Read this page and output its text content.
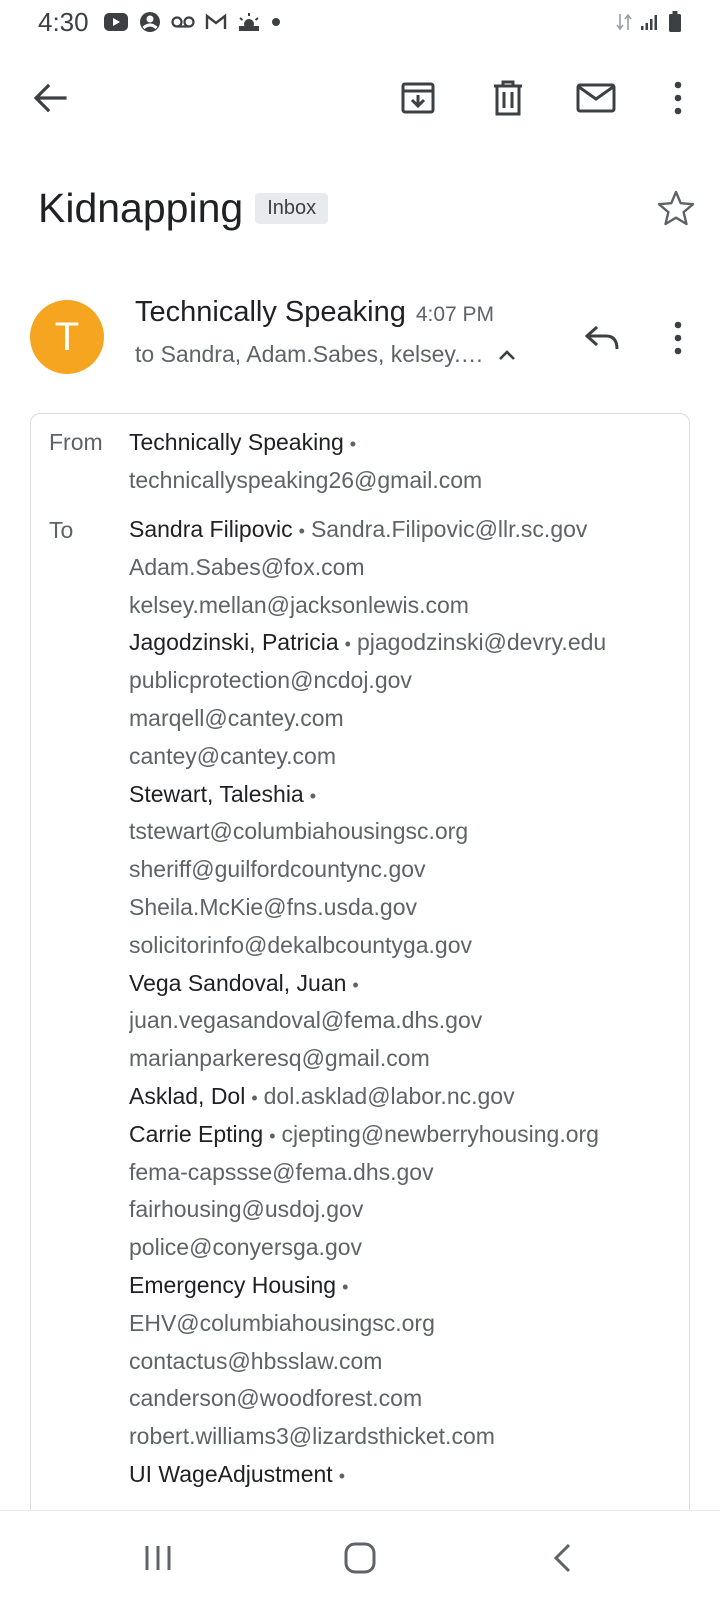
4:30
Kidnapping	Inbox
T
Technically Speaking 4:07 PM
to Sandra, Adam.Sabes, kelsey.…
From Technically Speaking •
technicallyspeaking26@gmail.com
To Sandra Filipovic • Sandra.Filipovic@llr.sc.gov
Adam.Sabes@fox.com
kelsey.mellan@jacksonlewis.com
Jagodzinski, Patricia • pjagodzinski@devry.edu
publicprotection@ncdoj.gov
marqell@cantey.com
cantey@cantey.com
Stewart, Taleshia •
tstewart@columbiahousingsc.org
sheriff@guilfordcountync.gov
Sheila.McKie@fns.usda.gov
solicitorinfo@dekalbcountyga.gov
Vega Sandoval, Juan •
juan.vegasandoval@fema.dhs.gov
marianparkeresq@gmail.com
Asklad, Dol • dol.asklad@labor.nc.gov
Carrie Epting • cjepting@newberryhousing.org
fema-capssse@fema.dhs.gov
fairhousing@usdoj.gov
police@conyersga.gov
Emergency Housing •
EHV@columbiahousingsc.org
contactus@hbsslaw.com
canderson@woodforest.com
robert.williams3@lizardsthicket.com
UI WageAdjustment •
